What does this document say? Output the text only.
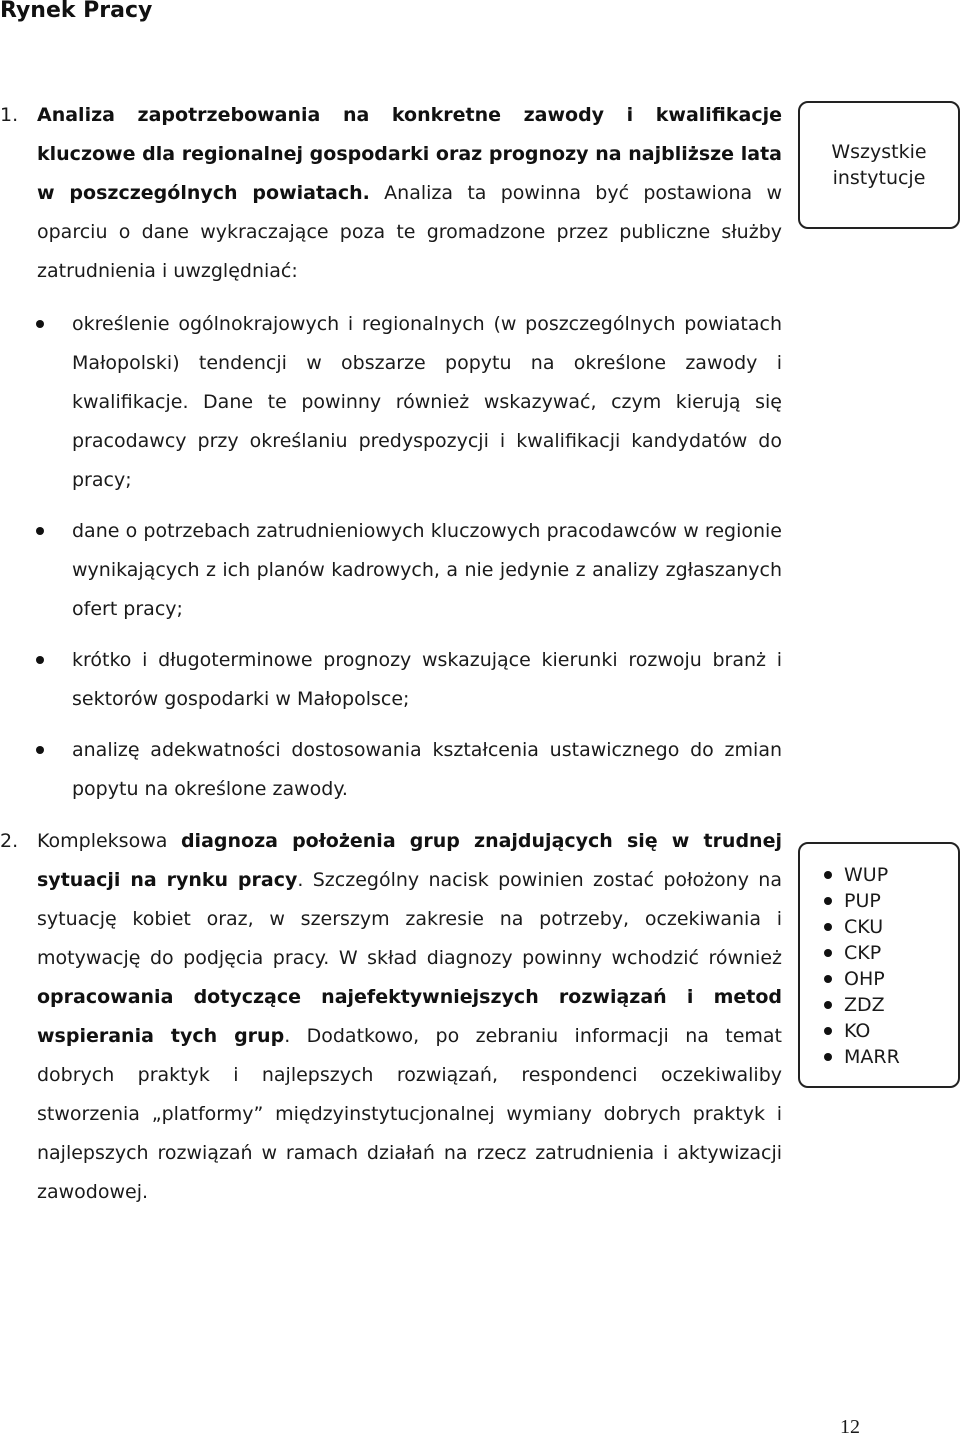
Rynek Pracy
1. Analiza zapotrzebowania na konkretne zawody i kwalifikacje kluczowe dla regionalnej gospodarki oraz prognozy na najbliższe lata w poszczególnych powiatach. Analiza ta powinna być postawiona w oparciu o dane wykraczające poza te gromadzone przez publiczne służby zatrudnienia i uwzględniać:
Wszystkie instytucje
określenie ogólnokrajowych i regionalnych (w poszczególnych powiatach Małopolski) tendencji w obszarze popytu na określone zawody i kwalifikacje. Dane te powinny również wskazywać, czym kierują się pracodawcy przy określaniu predyspozycji i kwalifikacji kandydatów do pracy;
dane o potrzebach zatrudnieniowych kluczowych pracodawców w regionie wynikających z ich planów kadrowych, a nie jedynie z analizy zgłaszanych ofert pracy;
krótko i długoterminowe prognozy wskazujące kierunki rozwoju branż i sektorów gospodarki w Małopolsce;
analizę adekwatności dostosowania kształcenia ustawicznego do zmian popytu na określone zawody.
2. Kompleksowa diagnoza położenia grup znajdujących się w trudnej sytuacji na rynku pracy. Szczególny nacisk powinien zostać położony na sytuację kobiet oraz, w szerszym zakresie na potrzeby, oczekiwania i motywację do podjęcia pracy. W skład diagnozy powinny wchodzić również opracowania dotyczące najefektywniejszych rozwiązań i metod wspierania tych grup. Dodatkowo, po zebraniu informacji na temat dobrych praktyk i najlepszych rozwiązań, respondenci oczekiwaliby stworzenia „platformy” międzyinstytucjonalnej wymiany dobrych praktyk i najlepszych rozwiązań w ramach działań na rzecz zatrudnienia i aktywizacji zawodowej.
WUP
PUP
CKU
CKP
OHP
ZDZ
KO
MARR
12
